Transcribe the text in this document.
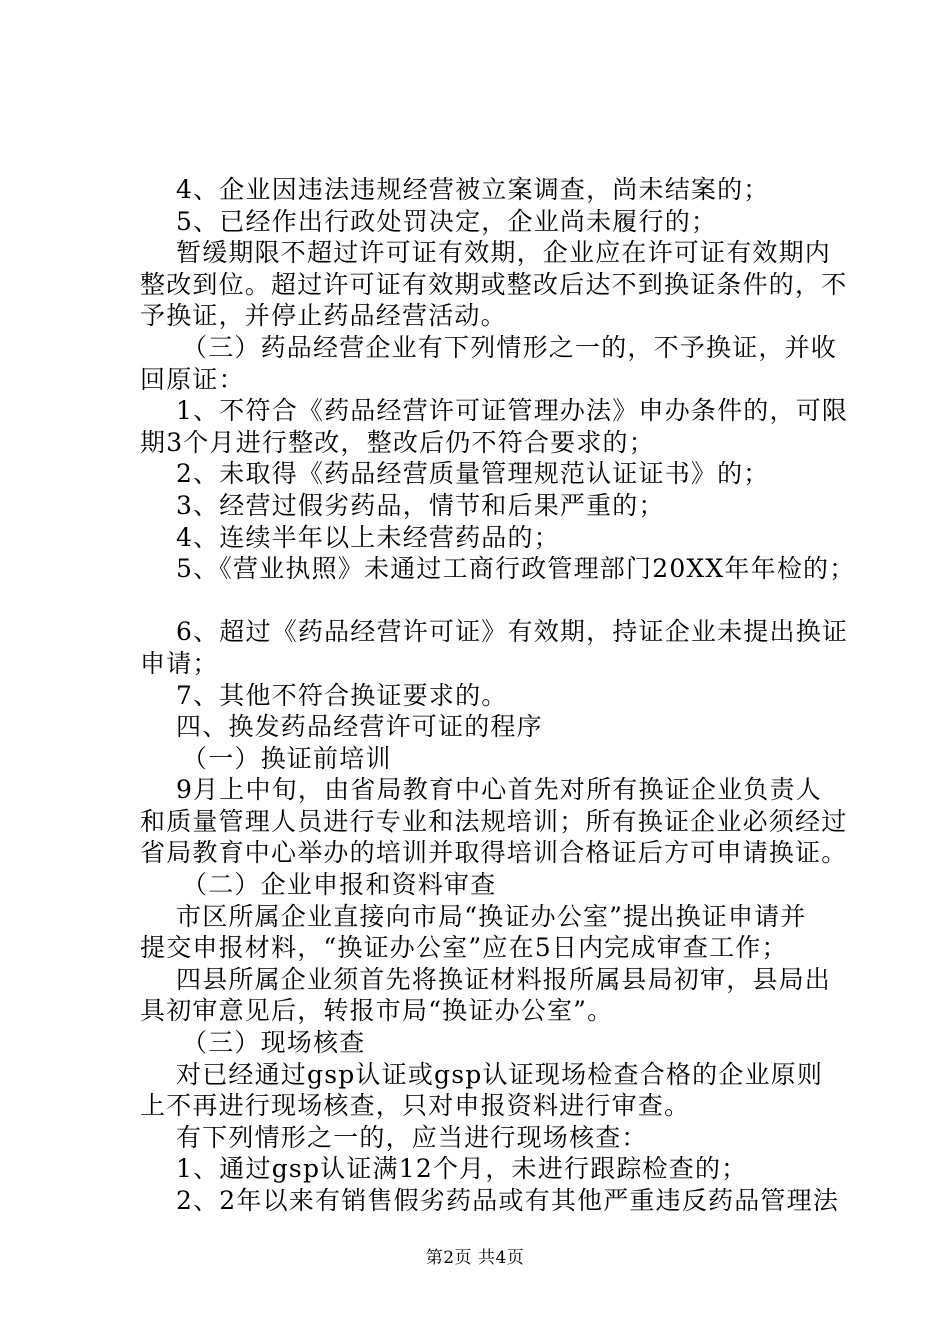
4、企业因违法违规经营被立案调查，尚未结案的；
5、已经作出行政处罚决定，企业尚未履行的；
暂缓期限不超过许可证有效期，企业应在许可证有效期内
整改到位。超过许可证有效期或整改后达不到换证条件的，不
予换证，并停止药品经营活动。
（三）药品经营企业有下列情形之一的，不予换证，并收
回原证：
1、不符合《药品经营许可证管理办法》申办条件的，可限
期3个月进行整改，整改后仍不符合要求的；
2、未取得《药品经营质量管理规范认证证书》的；
3、经营过假劣药品，情节和后果严重的；
4、连续半年以上未经营药品的；
5、《营业执照》未通过工商行政管理部门20XX年年检的；
6、超过《药品经营许可证》有效期，持证企业未提出换证
申请；
7、其他不符合换证要求的。
四、换发药品经营许可证的程序
（一）换证前培训
9月上中旬，由省局教育中心首先对所有换证企业负责人
和质量管理人员进行专业和法规培训；所有换证企业必须经过
省局教育中心举办的培训并取得培训合格证后方可申请换证。
（二）企业申报和资料审查
市区所属企业直接向市局“换证办公室”提出换证申请并
提交申报材料，“换证办公室”应在5日内完成审查工作；
四县所属企业须首先将换证材料报所属县局初审，县局出
具初审意见后，转报市局“换证办公室”。
（三）现场核查
对已经通过gsp认证或gsp认证现场检查合格的企业原则
上不再进行现场核查，只对申报资料进行审查。
有下列情形之一的，应当进行现场核查：
1、通过gsp认证满12个月，未进行跟踪检查的；
2、2年以来有销售假劣药品或有其他严重违反药品管理法
第2页 共4页
